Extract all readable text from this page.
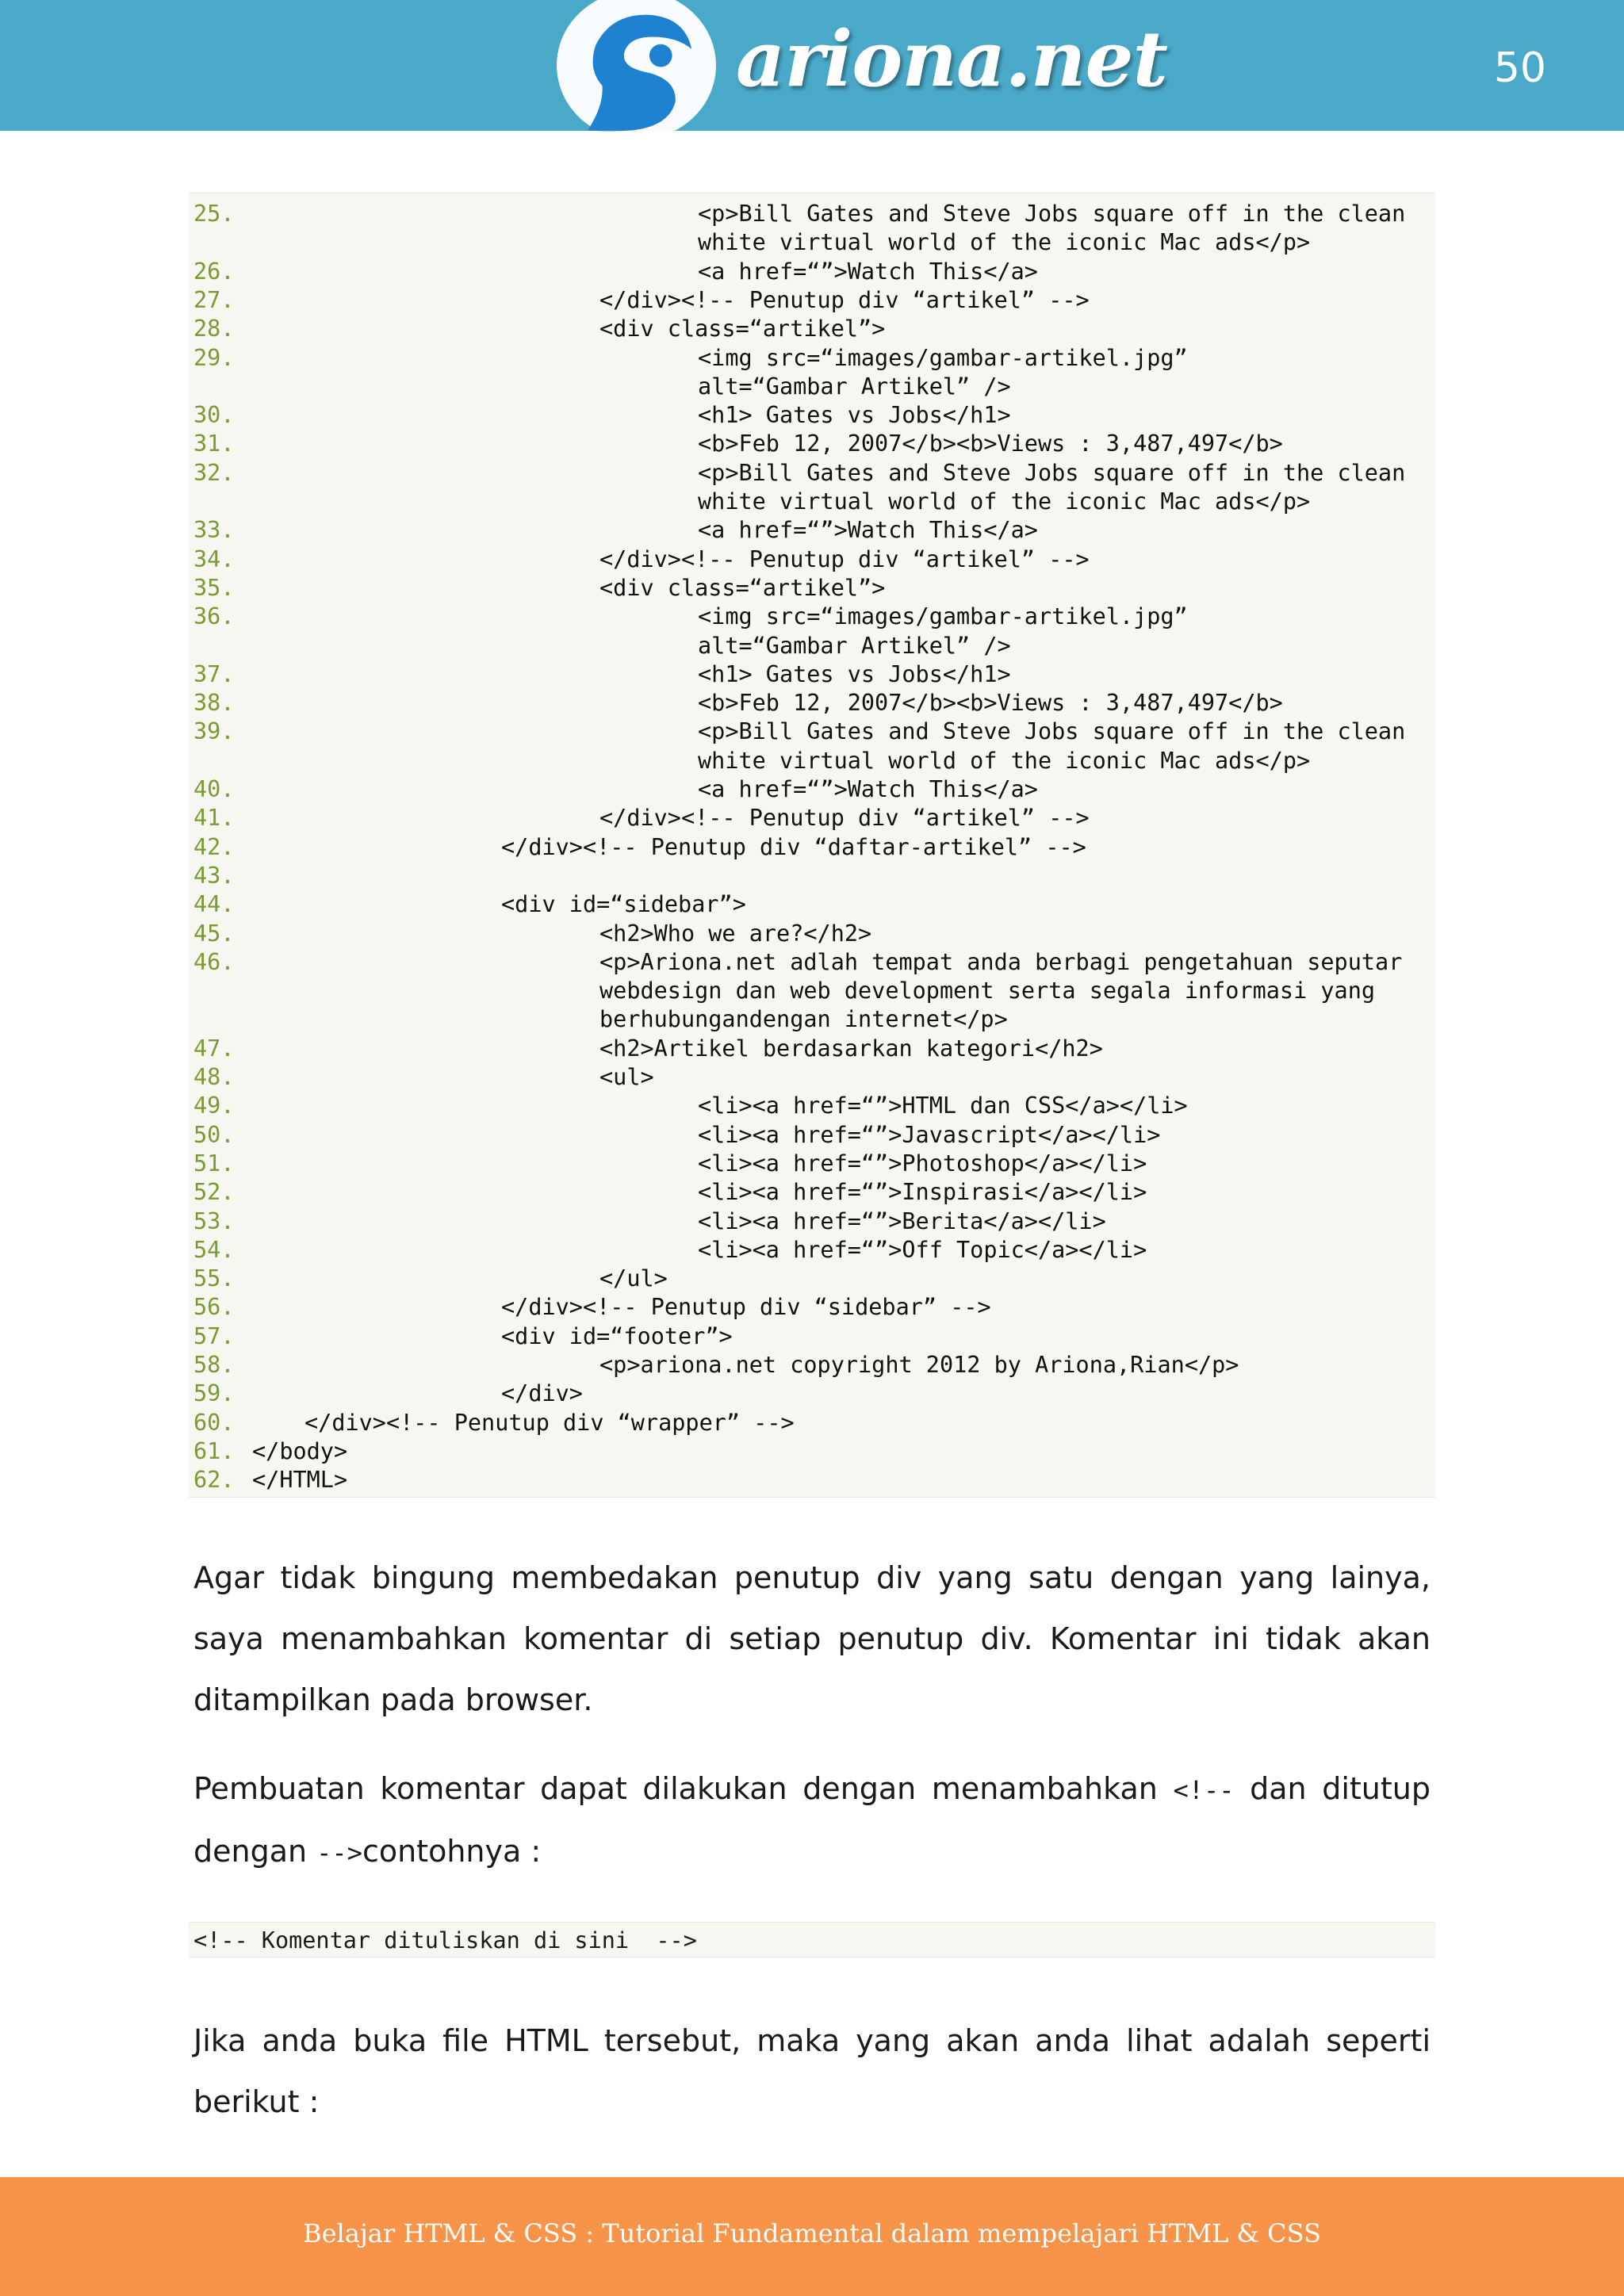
ariona.net	50
25.	<p>Bill Gates and Steve Jobs square off in the clean
white virtual world of the iconic Mac ads</p>
26.	<a href=“”>Watch This</a>
27.	</div><!-- Penutup div “artikel” -->
28.	<div class=“artikel”>
29.	<img src=“images/gambar-artikel.jpg”
alt=“Gambar Artikel” />
30.	<h1> Gates vs Jobs</h1>
31.	<b>Feb 12, 2007</b><b>Views : 3,487,497</b>
32.	<p>Bill Gates and Steve Jobs square off in the clean
white virtual world of the iconic Mac ads</p>
33.	<a href=“”>Watch This</a>
34.	</div><!-- Penutup div “artikel” -->
35.	<div class=“artikel”>
36.	<img src=“images/gambar-artikel.jpg”
alt=“Gambar Artikel” />
37.	<h1> Gates vs Jobs</h1>
38.	<b>Feb 12, 2007</b><b>Views : 3,487,497</b>
39.	<p>Bill Gates and Steve Jobs square off in the clean
white virtual world of the iconic Mac ads</p>
40.	<a href=“”>Watch This</a>
41.	</div><!-- Penutup div “artikel” -->
42.	</div><!-- Penutup div “daftar-artikel” -->
43.
44.	<div id=“sidebar”>
45.	<h2>Who we are?</h2>
46.	<p>Ariona.net adlah tempat anda berbagi pengetahuan seputar
webdesign dan web development serta segala informasi yang
berhubungandengan internet</p>
47.	<h2>Artikel berdasarkan kategori</h2>
48.	<ul>
49.	<li><a href=“”>HTML dan CSS</a></li>
50.	<li><a href=“”>Javascript</a></li>
51.	<li><a href=“”>Photoshop</a></li>
52.	<li><a href=“”>Inspirasi</a></li>
53.	<li><a href=“”>Berita</a></li>
54.	<li><a href=“”>Off Topic</a></li>
55.	</ul>
56.	</div><!-- Penutup div “sidebar” -->
57.	<div id=“footer”>
58.	<p>ariona.net copyright 2012 by Ariona,Rian</p>
59.	</div>
60.	</div><!-- Penutup div “wrapper” -->
61. </body>
62. </HTML>
Agar tidak bingung membedakan penutup div yang satu dengan yang lainya, saya menambahkan komentar di setiap penutup div. Komentar ini tidak akan ditampilkan pada browser.
Pembuatan komentar dapat dilakukan dengan menambahkan <!-- dan ditutup dengan -->contohnya :
<!-- Komentar dituliskan di sini  -->
Jika anda buka file HTML tersebut, maka yang akan anda lihat adalah seperti berikut :
Belajar HTML & CSS : Tutorial Fundamental dalam mempelajari HTML & CSS
